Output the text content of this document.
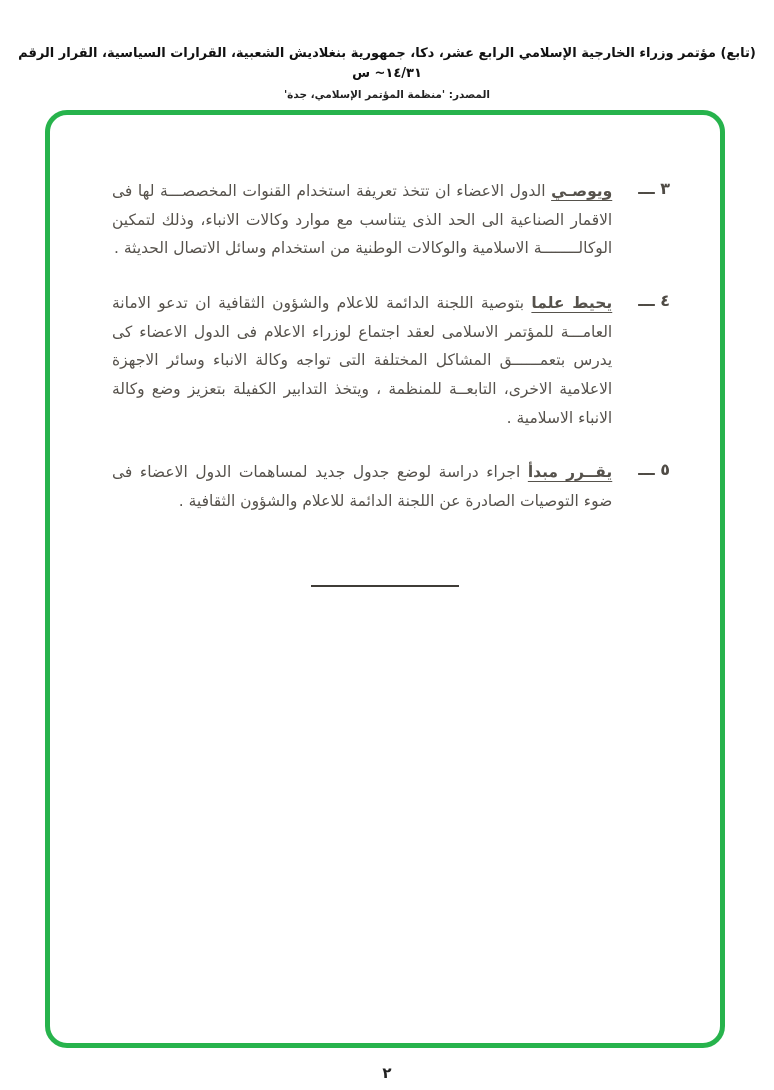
(تابع) مؤتمر وزراء الخارجية الإسلامي الرابع عشر، دكا، جمهورية بنغلاديش الشعبية، القرارات السياسية، القرار الرقم ١٤/٣١~ س
المصدر: 'منظمة المؤتمر الإسلامي، جدة'
٣ ـــ

ويوصـي الدول الاعضاء ان تتخذ تعريفة استخدام القنوات المخصصـــة لها فى الاقمار الصناعية الى الحد الذى يتناسب مع موارد وكالات الانباء، وذلك لتمكين الوكالــــــــة الاسلامية والوكالات الوطنية من استخدام وسائل الاتصال الحديثة .

٤ ـــ

يحيط علما بتوصية اللجنة الدائمة للاعلام والشؤون الثقافية ان تدعو الامانة العامـــة للمؤتمر الاسلامى لعقد اجتماع لوزراء الاعلام فى الدول الاعضاء كى يدرس بتعمــــــق المشاكل المختلفة التى تواجه وكالة الانباء وسائر الاجهزة الاعلامية الاخرى، التابعــة للمنظمة ، ويتخذ التدابير الكفيلة بتعزيز وضع وكالة الانباء الاسلامية .

٥ ـــ

يقــرر مبدأ اجراء دراسة لوضع جدول جديد لمساهمات الدول الاعضاء فى ضوء التوصيات الصادرة عن اللجنة الدائمة للاعلام والشؤون الثقافية .

٢
